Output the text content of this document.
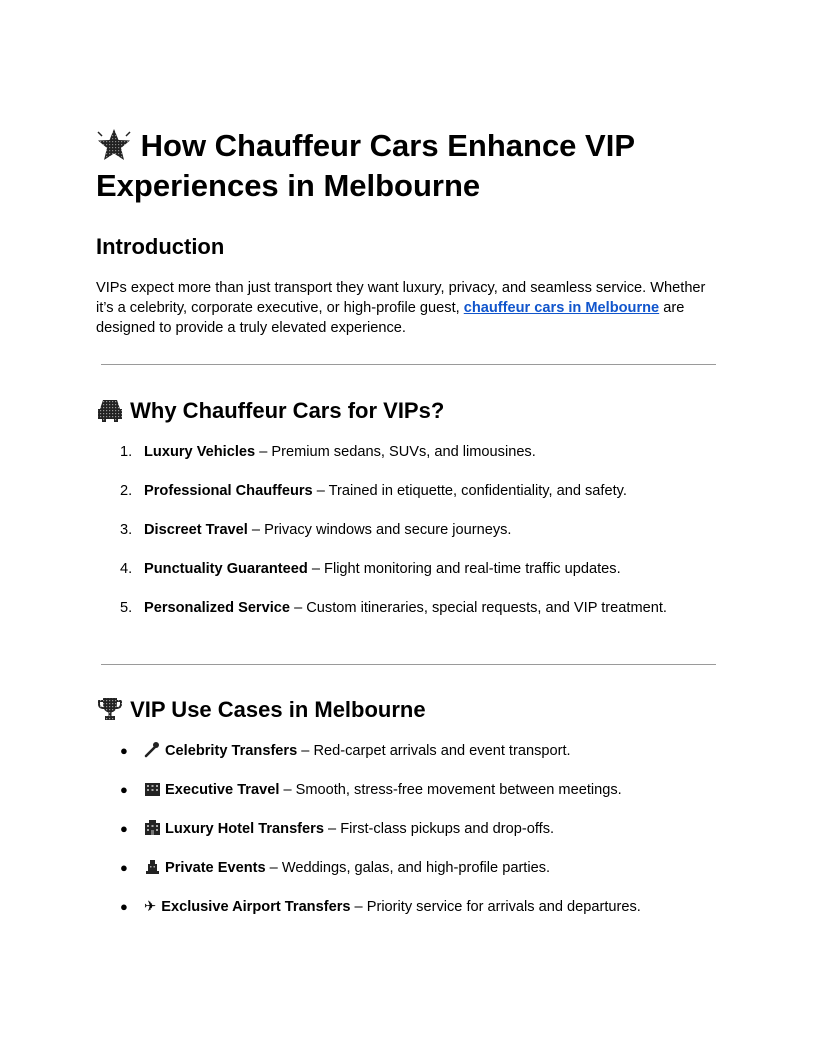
How Chauffeur Cars Enhance VIP Experiences in Melbourne
Introduction

VIPs expect more than just transport they want luxury, privacy, and seamless service. Whether it’s a celebrity, corporate executive, or high-profile guest, chauffeur cars in Melbourne are designed to provide a truly elevated experience.

Why Chauffeur Cars for VIPs?
1. Luxury Vehicles – Premium sedans, SUVs, and limousines.
2. Professional Chauffeurs – Trained in etiquette, confidentiality, and safety.
3. Discreet Travel – Privacy windows and secure journeys.
4. Punctuality Guaranteed – Flight monitoring and real-time traffic updates.
5. Personalized Service – Custom itineraries, special requests, and VIP treatment.
VIP Use Cases in Melbourne
●	Celebrity Transfers – Red-carpet arrivals and event transport.
●	Executive Travel – Smooth, stress-free movement between meetings.
●	Luxury Hotel Transfers – First-class pickups and drop-offs.
●	Private Events – Weddings, galas, and high-profile parties.
● ✈ Exclusive Airport Transfers – Priority service for arrivals and departures.
